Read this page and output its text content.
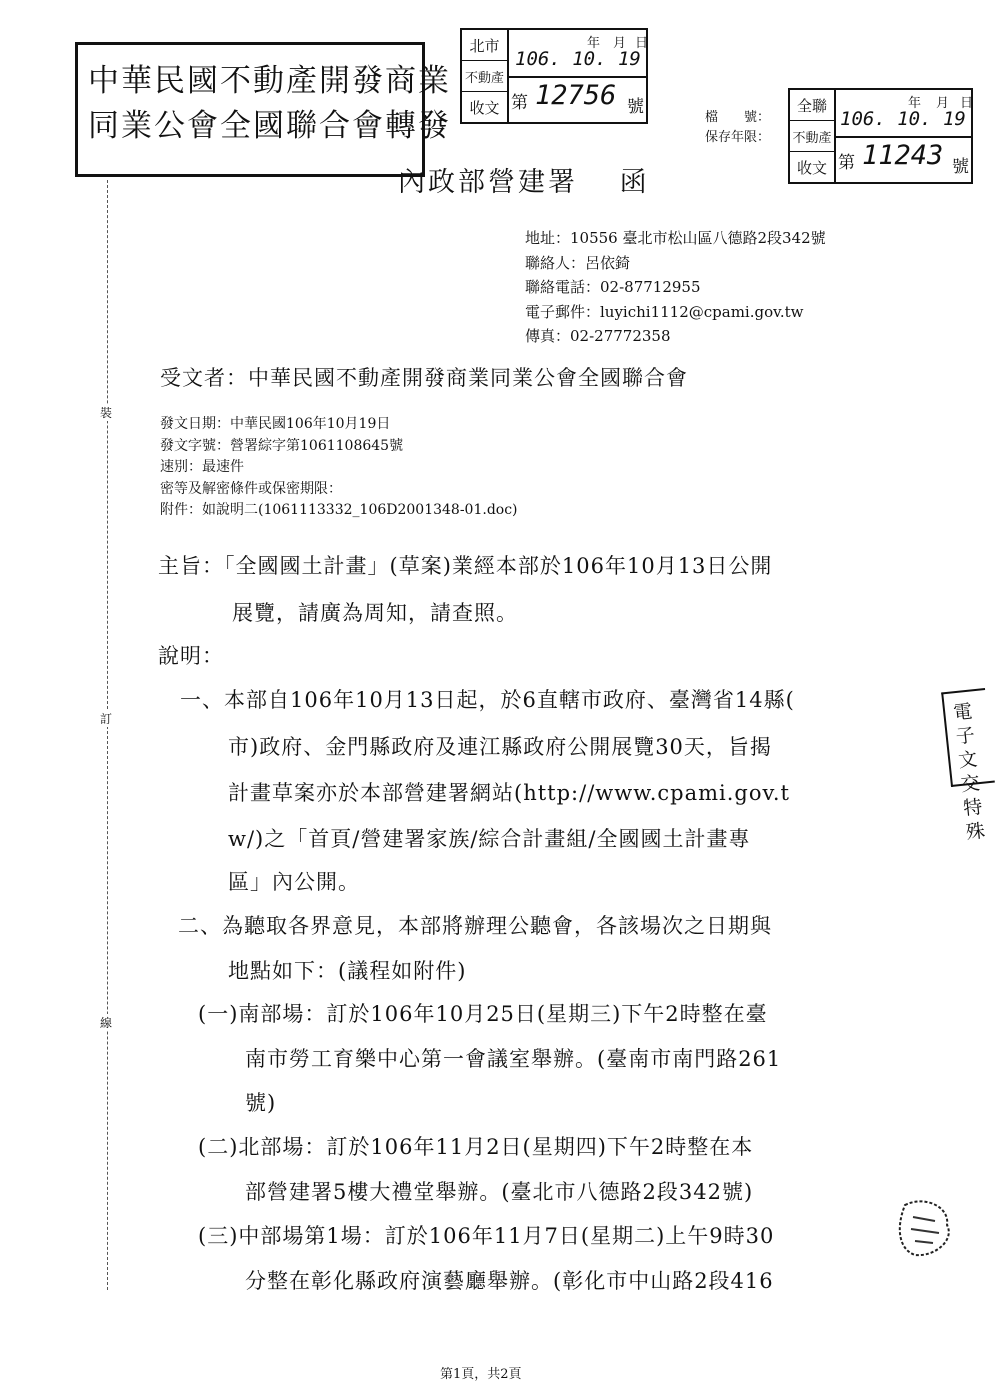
中華民國不動產開發商業
同業公會全國聯合會轉發
北市
不動產
收文
年 月 日
106. 10. 19
第 12756 號
檔　　號：
保存年限：
全聯
不動產
收文
年 月 日
106. 10. 19
第 11243 號
內政部營建署　 函
地址：10556 臺北市松山區八德路2段342號
聯絡人：呂依錡
聯絡電話：02-87712955
電子郵件：luyichi1112@cpami.gov.tw
傳真：02-27772358
受文者：中華民國不動產開發商業同業公會全國聯合會
發文日期：中華民國106年10月19日
發文字號：營署綜字第1061108645號
速別：最速件
密等及解密條件或保密期限：
附件：如說明二(1061113332_106D2001348-01.doc)
主旨：「全國國土計畫」(草案)業經本部於106年10月13日公開
展覽，請廣為周知，請查照。
說明：
一、本部自106年10月13日起，於6直轄市政府、臺灣省14縣(
市)政府、金門縣政府及連江縣政府公開展覽30天，旨揭
計畫草案亦於本部營建署網站(http://www.cpami.gov.t
w/)之「首頁/營建署家族/綜合計畫組/全國國土計畫專
區」內公開。
二、為聽取各界意見，本部將辦理公聽會，各該場次之日期與
地點如下：(議程如附件)
(一)南部場：訂於106年10月25日(星期三)下午2時整在臺
南市勞工育樂中心第一會議室舉辦。(臺南市南門路261
號)
(二)北部場：訂於106年11月2日(星期四)下午2時整在本
部營建署5樓大禮堂舉辦。(臺北市八德路2段342號)
(三)中部場第1場：訂於106年11月7日(星期二)上午9時30
分整在彰化縣政府演藝廳舉辦。(彰化市中山路2段416
裝
訂
線
電子
文交
特殊
第1頁，共2頁
